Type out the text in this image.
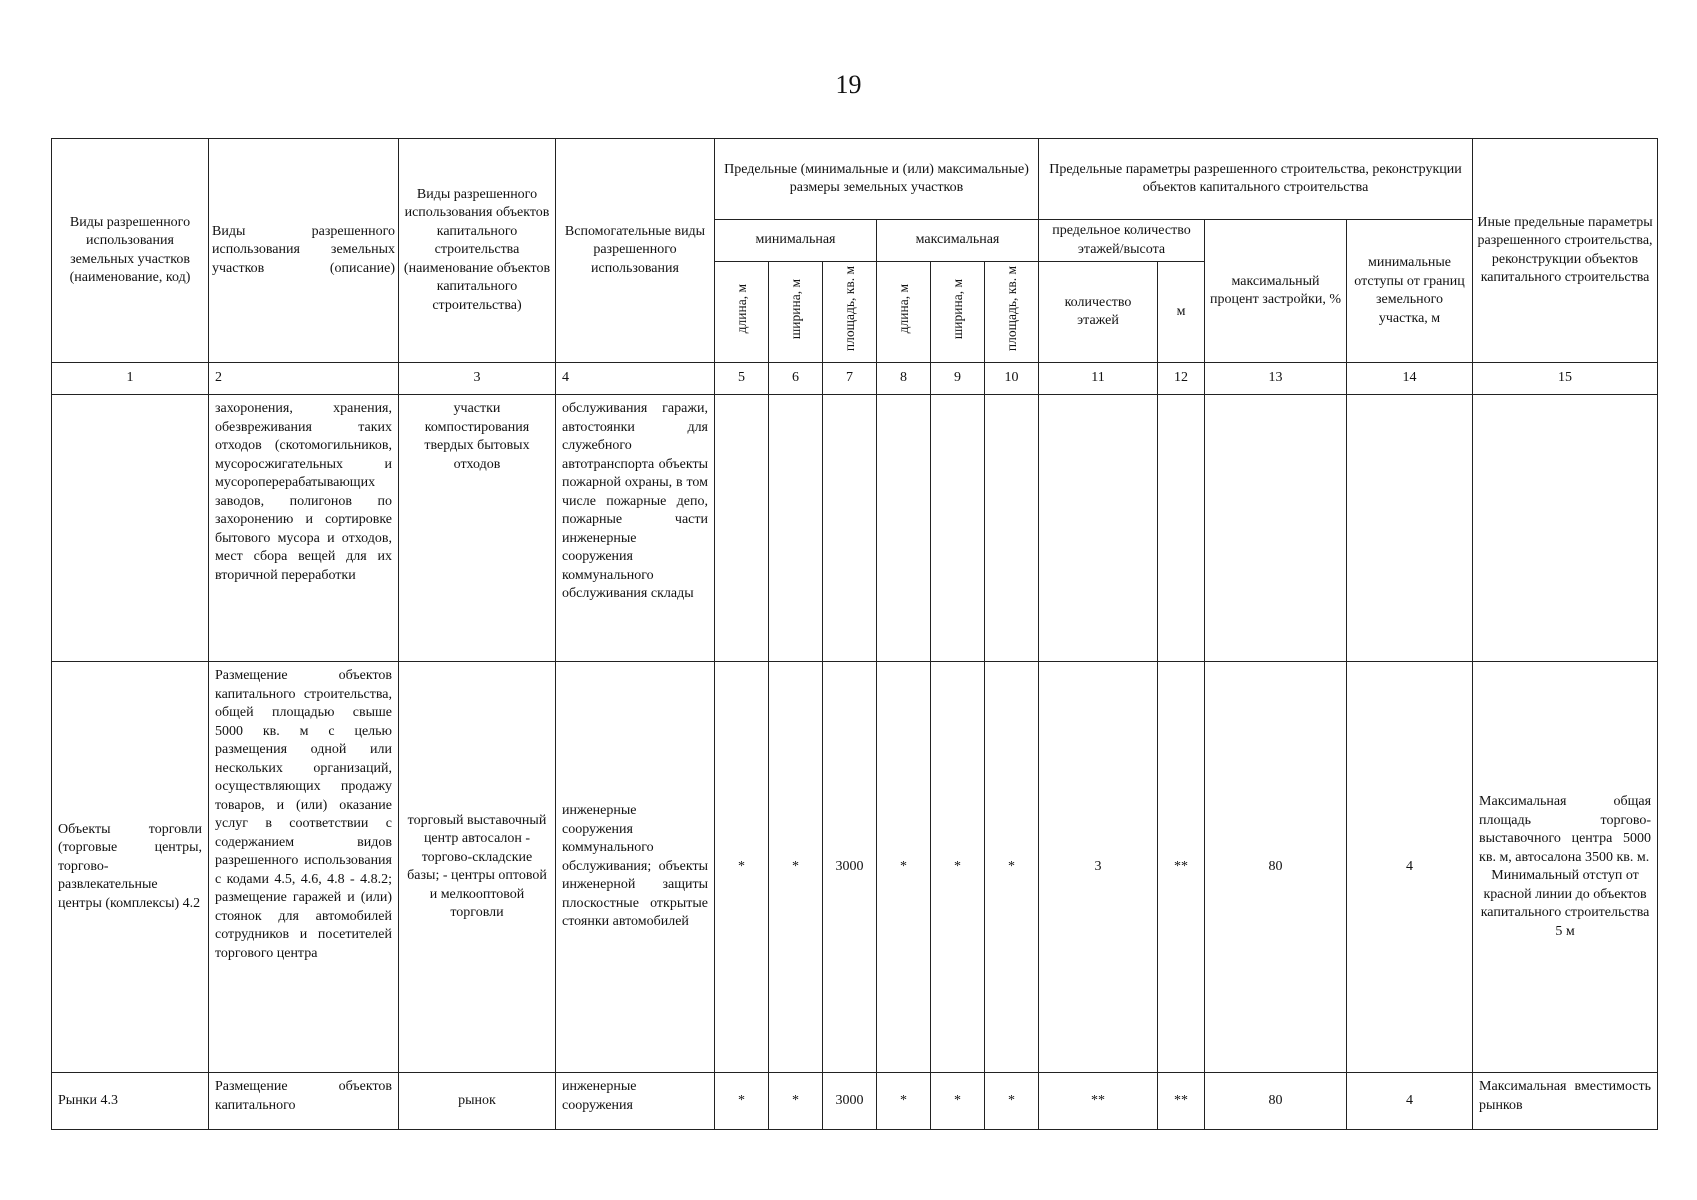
19
Виды разрешенного использования земельных участков (наименование, код)	Виды разрешенного использования земельных участков (описание)	Виды разрешенного использования объектов капитального строительства (наименование объектов капитального строительства)	Вспомогательные виды разрешенного использования	Предельные (минимальные и (или) максимальные) размеры земельных участков						Предельные параметры разрешенного строительства, реконструкции объектов капитального строительства				Иные предельные параметры разрешенного строительства, реконструкции объектов капитального строительства
				минимальная			максимальная			предельное количество этажей/высота		максимальный процент застройки, %	минимальные отступы от границ земельного участка, м	
				длина, м	ширина, м	площадь, кв. м	длина, м	ширина, м	площадь, кв. м	количество этажей	м			
1	2	3	4	5	6	7	8	9	10	11	12	13	14	15
	захоронения, хранения, обезвреживания таких отходов (скотомогильников, мусоросжигательных и мусороперерабатывающих заводов, полигонов по захоронению и сортировке бытового мусора и отходов, мест сбора вещей для их вторичной переработки	участки компостирования твердых бытовых отходов	обслуживания гаражи, автостоянки для служебного автотранспорта объекты пожарной охраны, в том числе пожарные депо, пожарные части инженерные сооружения коммунального обслуживания склады											
Объекты торговли (торговые центры, торгово-развлекательные центры (комплексы) 4.2	Размещение объектов капитального строительства, общей площадью свыше 5000 кв. м с целью размещения одной или нескольких организаций, осуществляющих продажу товаров, и (или) оказание услуг в соответствии с содержанием видов разрешенного использования с кодами 4.5, 4.6, 4.8 - 4.8.2; размещение гаражей и (или) стоянок для автомобилей сотрудников и посетителей торгового центра	торговый выставочный центр автосалон - торгово-складские базы; - центры оптовой и мелкооптовой торговли	инженерные сооружения коммунального обслуживания; объекты инженерной защиты плоскостные открытые стоянки автомобилей	*	*	3000	*	*	*	3	**	80	4	Максимальная общая площадь торгово-выставочного центра 5000 кв. м, автосалона 3500 кв. м.
Минимальный отступ от красной линии до объектов капитального строительства 5 м

Рынки 4.3	Размещение объектов капитального	рынок	инженерные сооружения	*	*	3000	*	*	*	**	**	80	4	Максимальная вместимость рынков
